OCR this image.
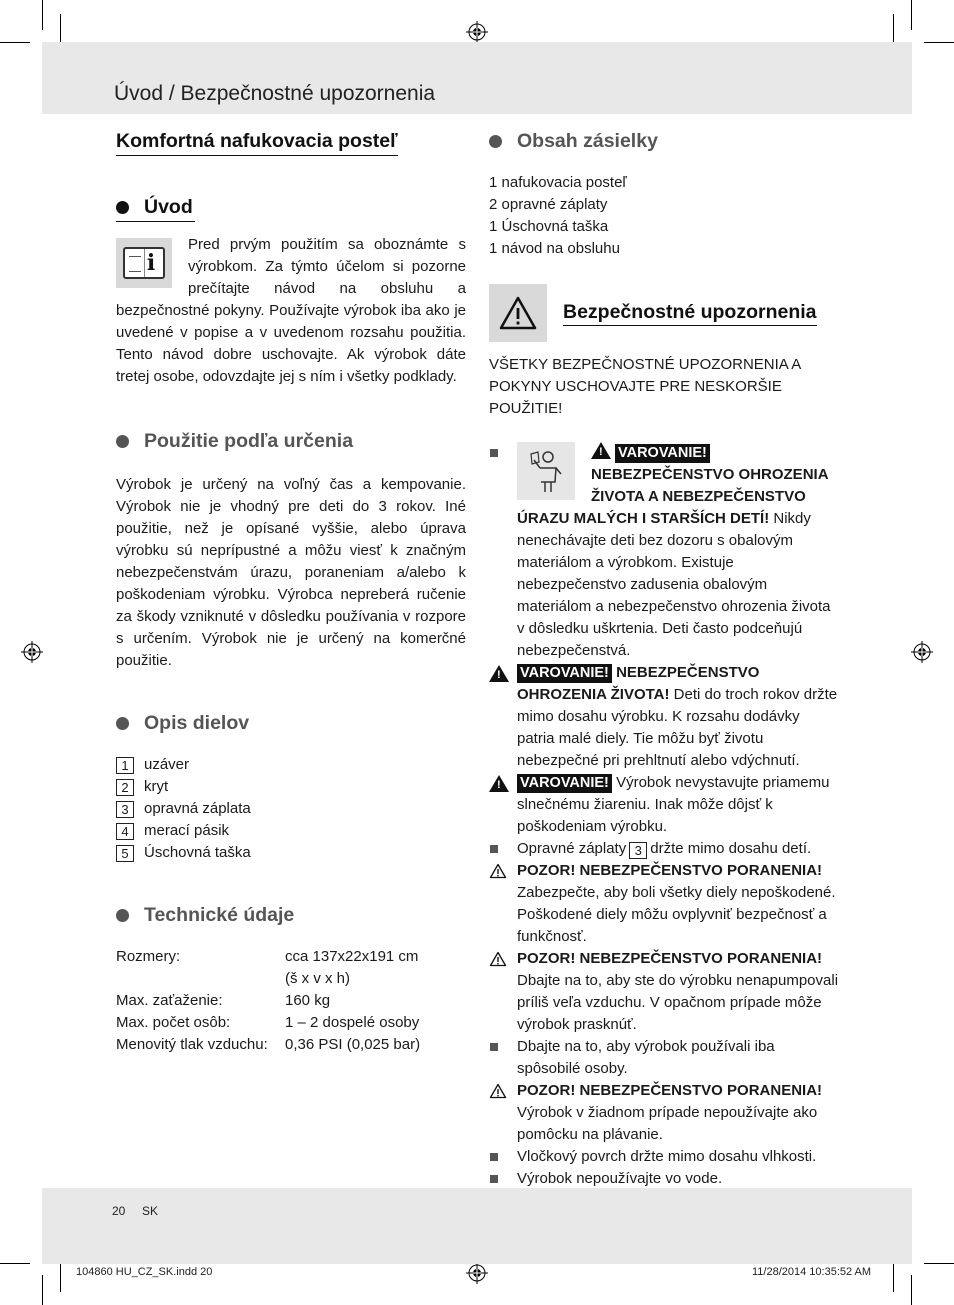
Úvod / Bezpečnostné upozornenia
Komfortná nafukovacia posteľ
Úvod
i

Pred prvým použitím sa oboznámte s výrobkom. Za týmto účelom si pozorne prečítajte návod na obsluhu a bezpečnostné pokyny. Používajte výrobok iba ako je uvedené v popise a v uvedenom rozsahu použitia. Tento návod dobre uschovajte. Ak výrobok dáte tretej osobe, odovzdajte jej s ním i všetky podklady.

Použitie podľa určenia

Výrobok je určený na voľný čas a kempovanie. Výrobok nie je vhodný pre deti do 3 rokov. Iné použitie, než je opísané vyššie, alebo úprava výrobku sú neprípustné a môžu viesť k značným nebezpečenstvám úrazu, poraneniam a/alebo k poškodeniam výrobku. Výrobca nepreberá ručenie za škody vzniknuté v dôsledku používania v rozpore s určením. Výrobok nie je určený na komerčné použitie.

Opis dielov
1	uzáver
2	kryt
3	opravná záplata
4	merací pásik
5	Úschovná taška
Technické údaje
Rozmery:	cca 137x22x191 cm
(š x v x h)
Max. zaťaženie:	160 kg
Max. počet osôb:	1 – 2 dospelé osoby
Menovitý tlak vzduchu:	0,36 PSI (0,025 bar)
Obsah zásielky

1 nafukovacia posteľ

2 opravné záplaty

1 Úschovná taška

1 návod na obsluhu

Bezpečnostné upozornenia

VŠETKY BEZPEČNOSTNÉ UPOZORNENIA A POKYNY USCHOVAJTE PRE NESKORŠIE POUŽITIE!

!VAROVANIE! NEBEZPEČENSTVO OHROZENIA ŽIVOTA A NEBEZPEČENSTVO ÚRAZU MALÝCH I STARŠÍCH DETÍ! Nikdy nenechávajte deti bez dozoru s obalovým materiálom a výrobkom. Existuje nebezpečenstvo zadusenia obalovým materiálom a nebezpečenstvo ohrozenia života v dôsledku uškrtenia. Deti často podceňujú nebezpečenstvá.
!
VAROVANIE! NEBEZPEČENSTVO OHROZENIA ŽIVOTA! Deti do troch rokov držte mimo dosahu výrobku. K rozsahu dodávky patria malé diely. Tie môžu byť životu nebezpečné pri prehltnutí alebo vdýchnutí.
!
VAROVANIE! Výrobok nevystavujte priamemu slnečnému žiareniu. Inak môže dôjsť k poškodeniam výrobku.
Opravné záplaty 3 držte mimo dosahu detí.
POZOR! NEBEZPEČENSTVO PORANENIA! Zabezpečte, aby boli všetky diely nepoškodené. Poškodené diely môžu ovplyvniť bezpečnosť a funkčnosť.
POZOR! NEBEZPEČENSTVO PORANENIA! Dbajte na to, aby ste do výrobku nenapumpovali príliš veľa vzduchu. V opačnom prípade môže výrobok prasknúť.
Dbajte na to, aby výrobok používali iba spôsobilé osoby.
POZOR! NEBEZPEČENSTVO PORANENIA! Výrobok v žiadnom prípade nepoužívajte ako pomôcku na plávanie.
Vločkový povrch držte mimo dosahu vlhkosti.
Výrobok nepoužívajte vo vode.
20 SK
104860 HU_CZ_SK.indd 20	11/28/2014 10:35:52 AM
